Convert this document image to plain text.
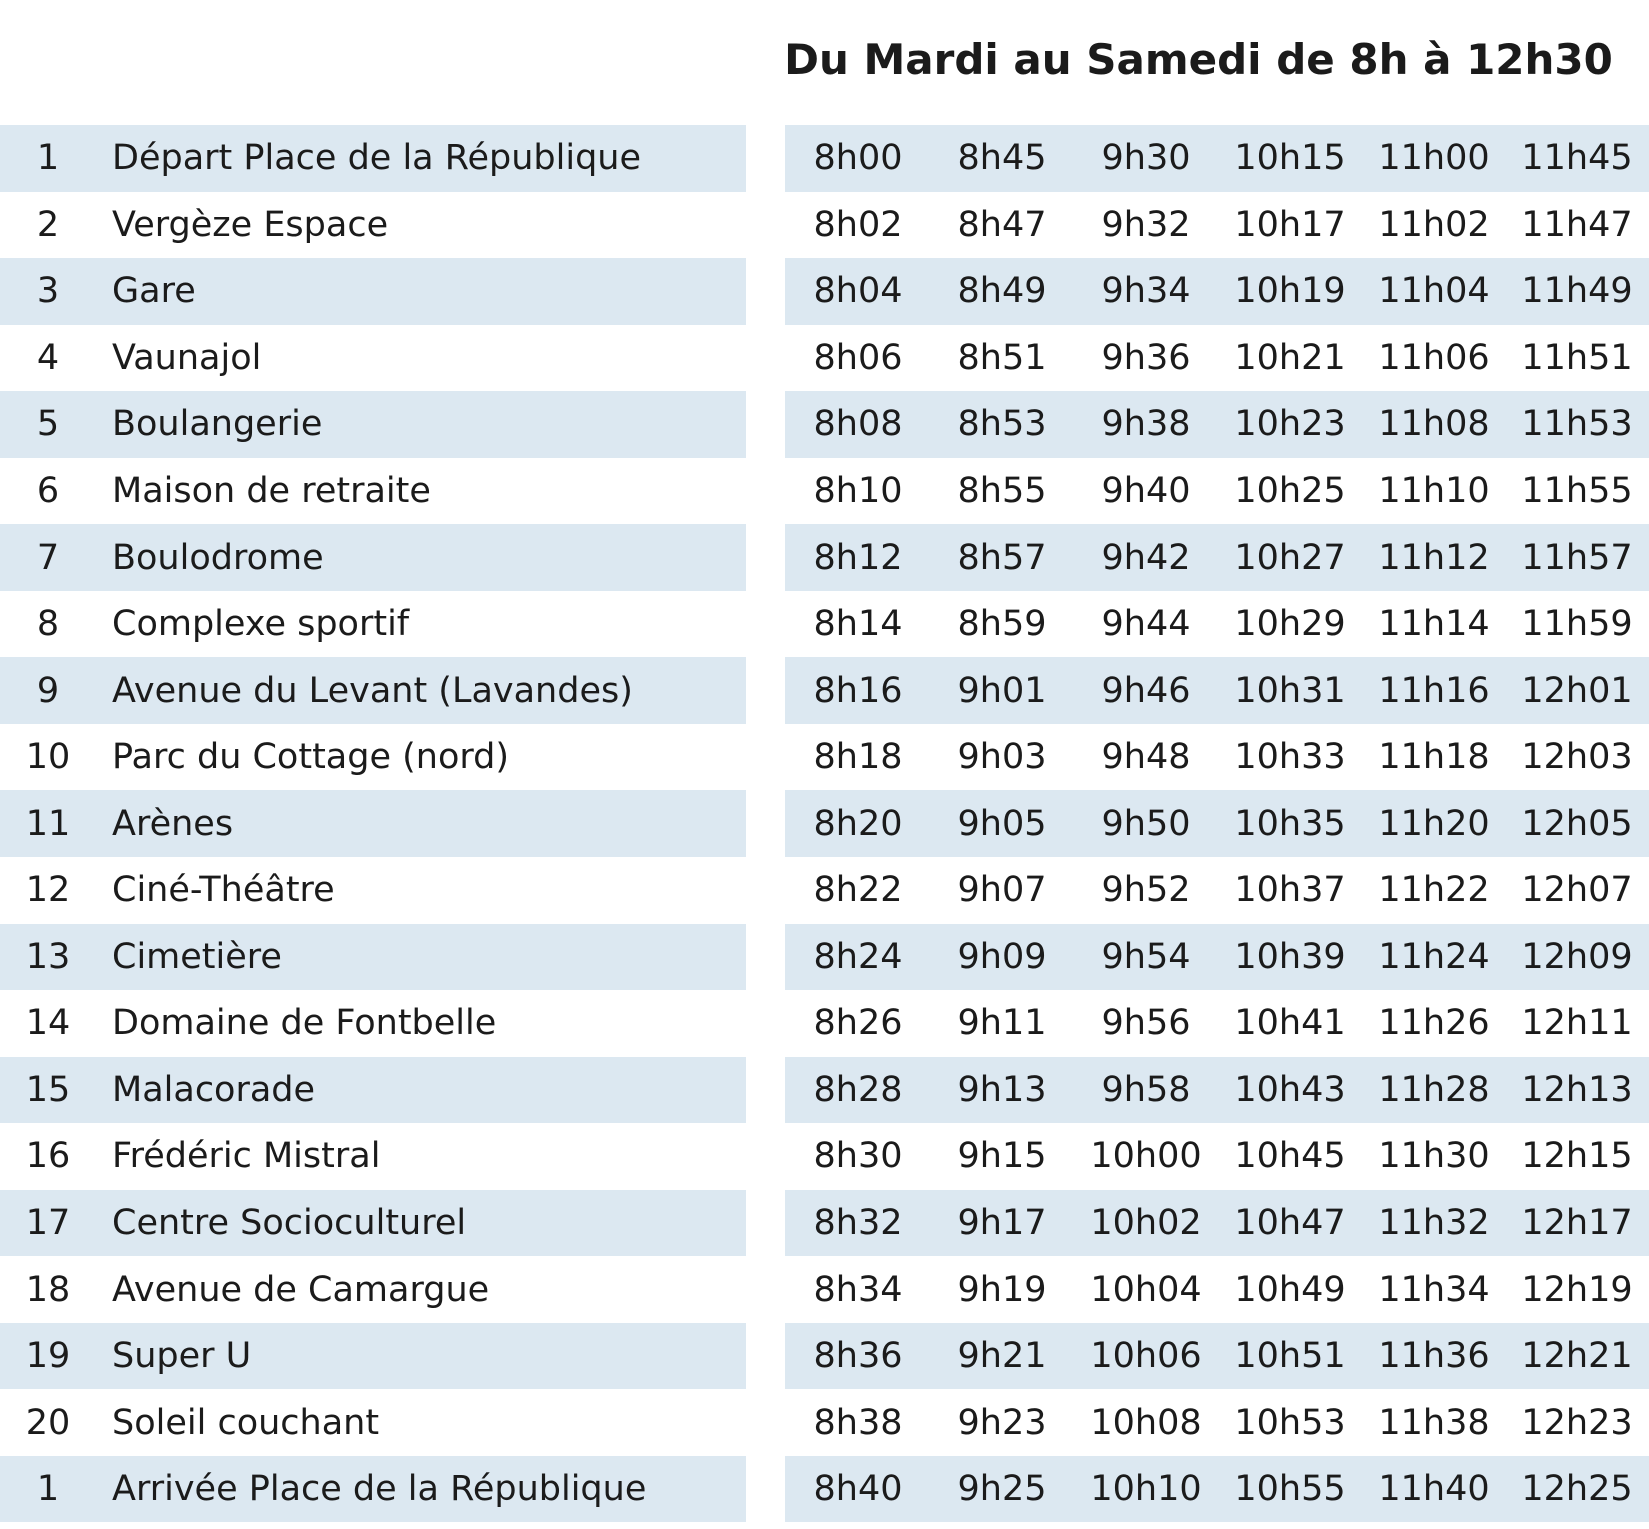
Du Mardi au Samedi de 8h à 12h30
1	Départ Place de la République	8h00	8h45	9h30	10h15 11h00 11h45
2	Vergèze Espace	8h02	8h47	9h32	10h17 11h02 11h47
3	Gare	8h04	8h49	9h34	10h19 11h04 11h49
4	Vaunajol	8h06	8h51	9h36	10h21 11h06 11h51
5	Boulangerie	8h08	8h53	9h38	10h23 11h08 11h53
6	Maison de retraite	8h10	8h55	9h40	10h25 11h10 11h55
7	Boulodrome	8h12	8h57	9h42	10h27 11h12 11h57
8	Complexe sportif	8h14	8h59	9h44	10h29 11h14 11h59
9	Avenue du Levant (Lavandes)	8h16	9h01	9h46	10h31 11h16 12h01
10	Parc du Cottage (nord)	8h18	9h03	9h48	10h33 11h18 12h03
11	Arènes	8h20	9h05	9h50	10h35 11h20 12h05
12	Ciné-Théâtre	8h22	9h07	9h52	10h37 11h22 12h07
13	Cimetière	8h24	9h09	9h54	10h39 11h24 12h09
14	Domaine de Fontbelle	8h26	9h11	9h56	10h41 11h26 12h11
15	Malacorade	8h28	9h13	9h58	10h43 11h28 12h13
16	Frédéric Mistral	8h30	9h15	10h00 10h45 11h30 12h15
17	Centre Socioculturel	8h32	9h17	10h02 10h47 11h32 12h17
18	Avenue de Camargue	8h34	9h19	10h04 10h49 11h34 12h19
19	Super U	8h36	9h21	10h06 10h51 11h36 12h21
20	Soleil couchant	8h38	9h23	10h08 10h53 11h38 12h23
1	Arrivée Place de la République	8h40	9h25	10h10 10h55 11h40 12h25
